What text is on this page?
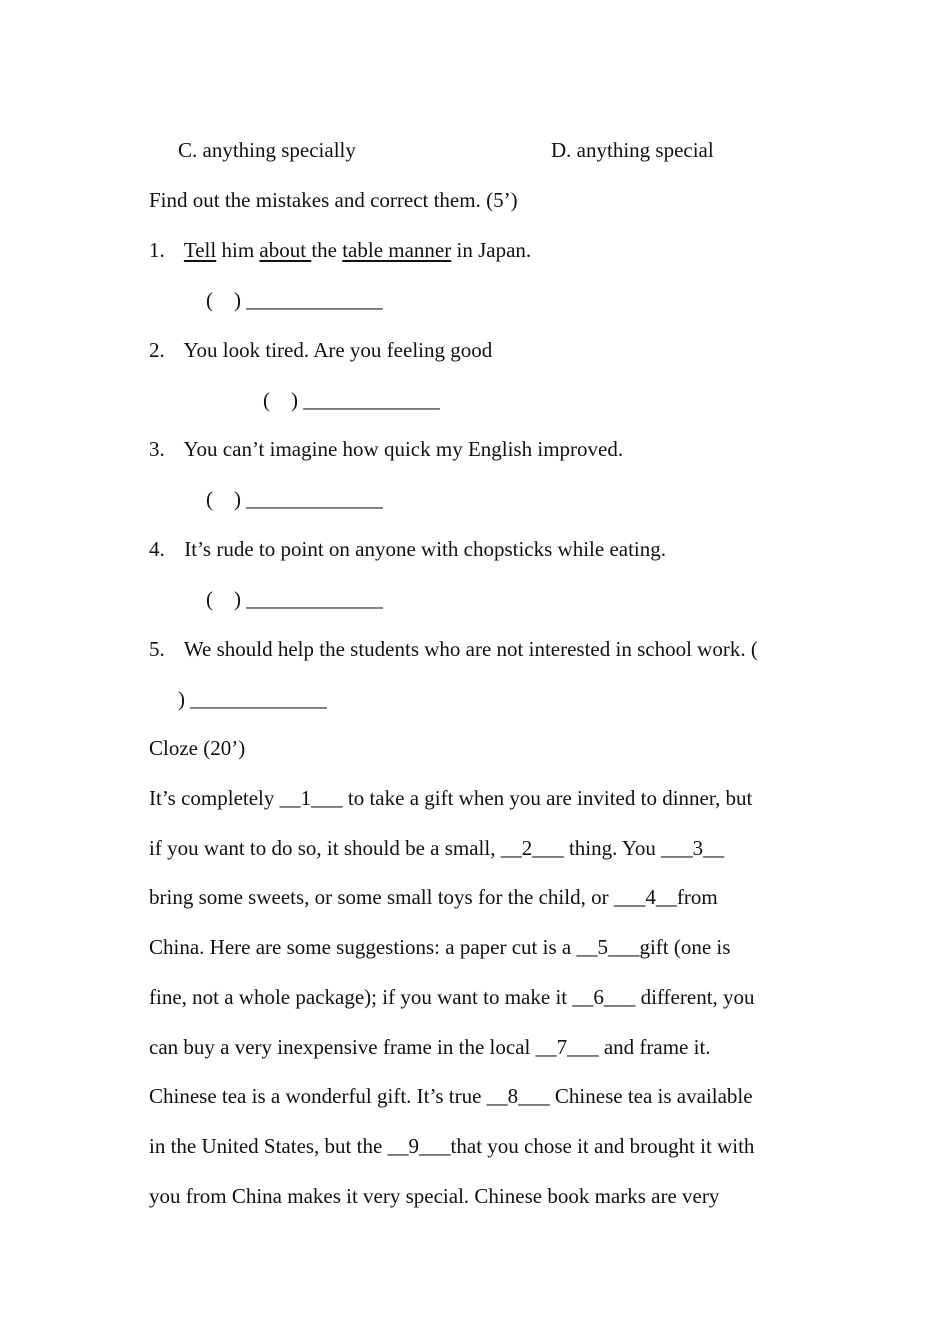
C. anything specially	D. anything special
Find out the mistakes and correct them. (5’)
1. Tell him about the table manner in Japan.
(    ) _____________
2. You look tired. Are you feeling good
(    ) _____________
3. You can’t imagine how quick my English improved.
(    ) _____________
4. It’s rude to point on anyone with chopsticks while eating.
(    ) _____________
5. We should help the students who are not interested in school work. (
) _____________
Cloze (20’)
It’s completely __1___ to take a gift when you are invited to dinner, but
if you want to do so, it should be a small, __2___ thing. You ___3__
bring some sweets, or some small toys for the child, or ___4__from
China. Here are some suggestions: a paper cut is a __5___gift (one is
fine, not a whole package); if you want to make it __6___ different, you
can buy a very inexpensive frame in the local __7___ and frame it.
Chinese tea is a wonderful gift. It’s true __8___ Chinese tea is available
in the United States, but the __9___that you chose it and brought it with
you from China makes it very special. Chinese book marks are very
